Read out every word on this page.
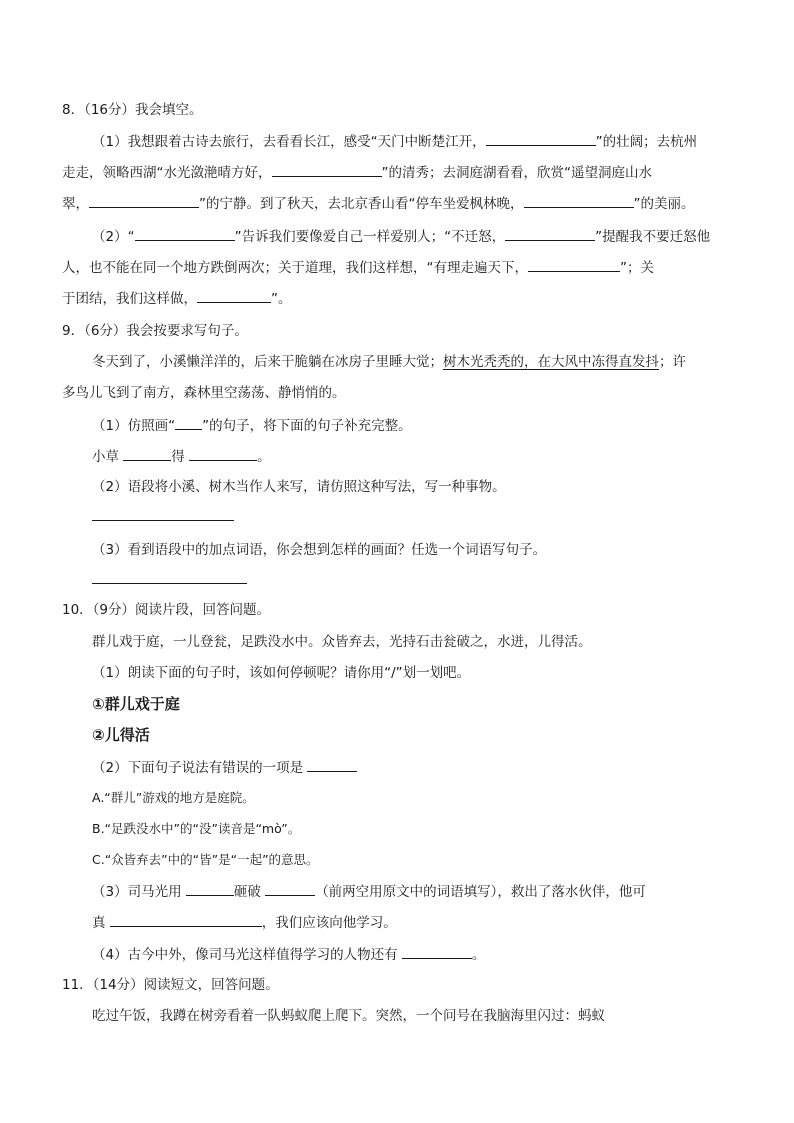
8．（16分）我会填空。
（1）我想跟着古诗去旅行，去看看长江，感受“天门中断楚江开，	”的壮阔；去杭州
走走，领略西湖“水光潋滟晴方好，	”的清秀；去洞庭湖看看，欣赏“遥望洞庭山水
翠，	”的宁静。到了秋天，去北京香山看“停车坐爱枫林晚，	”的美丽。
（2）“	”告诉我们要像爱自己一样爱别人；“不迁怒，	”提醒我不要迁怒他
人，也不能在同一个地方跌倒两次；关于道理，我们这样想，“有理走遍天下，	”；关
于团结，我们这样做，	”。
9．（6分）我会按要求写句子。
冬天到了，小溪懒洋洋的，后来干脆躺在冰房子里睡大觉；树木光秃秃的，在大风中冻得直发抖；许
多鸟儿飞到了南方，森林里空荡荡、静悄悄的。
（1）仿照画“ ”的句子，将下面的句子补充完整。
小草	得	。
（2）语段将小溪、树木当作人来写，请仿照这种写法，写一种事物。
（3）看到语段中的加点词语，你会想到怎样的画面？任选一个词语写句子。
10．（9分）阅读片段，回答问题。
群儿戏于庭，一儿登瓮，足跌没水中。众皆弃去，光持石击瓮破之，水迸，儿得活。
（1）朗读下面的句子时，该如何停顿呢？请你用“/”划一划吧。
①群儿戏于庭
②儿得活
（2）下面句子说法有错误的一项是
A.“群儿”游戏的地方是庭院。
B.“足跌没水中”的“没”读音是“mò”。
C.“众皆弃去”中的“皆”是“一起”的意思。
（3）司马光用	砸破	（前两空用原文中的词语填写），救出了落水伙伴，他可
真	，我们应该向他学习。
（4）古今中外，像司马光这样值得学习的人物还有	。
11．（14分）阅读短文，回答问题。
吃过午饭，我蹲在树旁看着一队蚂蚁爬上爬下。突然，一个问号在我脑海里闪过：蚂蚁
